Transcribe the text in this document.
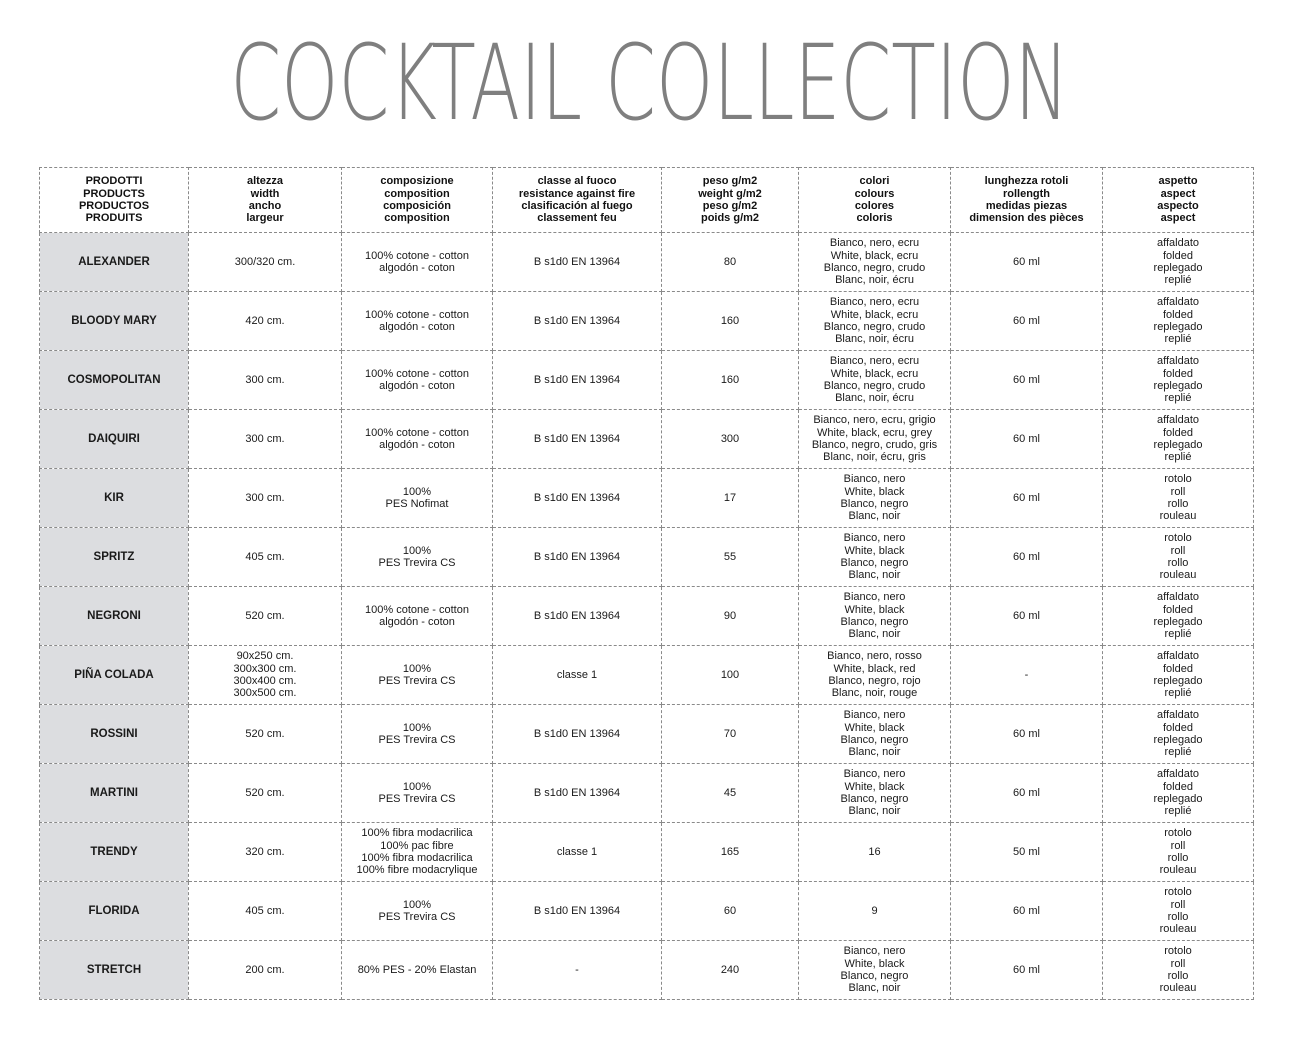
COCKTAIL COLLECTION
PRODOTTI
PRODUCTS
PRODUCTOS
PRODUITS	altezza
width
ancho
largeur	composizione
composition
composición
composition	classe al fuoco
resistance against fire
clasificación al fuego
classement feu	peso g/m2
weight g/m2
peso g/m2
poids g/m2	colori
colours
colores
coloris	lunghezza rotoli
rollength
medidas piezas
dimension des pièces	aspetto
aspect
aspecto
aspect
ALEXANDER	300/320 cm.	100% cotone - cotton
algodón - coton	B s1d0 EN 13964	80	Bianco, nero, ecru
White, black, ecru
Blanco, negro, crudo
Blanc, noir, écru	60 ml	affaldato
folded
replegado
replié
BLOODY MARY	420 cm.	100% cotone - cotton
algodón - coton	B s1d0 EN 13964	160	Bianco, nero, ecru
White, black, ecru
Blanco, negro, crudo
Blanc, noir, écru	60 ml	affaldato
folded
replegado
replié
COSMOPOLITAN	300 cm.	100% cotone - cotton
algodón - coton	B s1d0 EN 13964	160	Bianco, nero, ecru
White, black, ecru
Blanco, negro, crudo
Blanc, noir, écru	60 ml	affaldato
folded
replegado
replié
DAIQUIRI	300 cm.	100% cotone - cotton
algodón - coton	B s1d0 EN 13964	300	Bianco, nero, ecru, grigio
White, black, ecru, grey
Blanco, negro, crudo, gris
Blanc, noir, écru, gris	60 ml	affaldato
folded
replegado
replié
KIR	300 cm.	100%
PES Nofimat	B s1d0 EN 13964	17	Bianco, nero
White, black
Blanco, negro
Blanc, noir	60 ml	rotolo
roll
rollo
rouleau
SPRITZ	405 cm.	100%
PES Trevira CS	B s1d0 EN 13964	55	Bianco, nero
White, black
Blanco, negro
Blanc, noir	60 ml	rotolo
roll
rollo
rouleau
NEGRONI	520 cm.	100% cotone - cotton
algodón - coton	B s1d0 EN 13964	90	Bianco, nero
White, black
Blanco, negro
Blanc, noir	60 ml	affaldato
folded
replegado
replié
PIÑA COLADA	90x250 cm.
300x300 cm.
300x400 cm.
300x500 cm.	100%
PES Trevira CS	classe 1	100	Bianco, nero, rosso
White, black, red
Blanco, negro, rojo
Blanc, noir, rouge	-	affaldato
folded
replegado
replié
ROSSINI	520 cm.	100%
PES Trevira CS	B s1d0 EN 13964	70	Bianco, nero
White, black
Blanco, negro
Blanc, noir	60 ml	affaldato
folded
replegado
replié
MARTINI	520 cm.	100%
PES Trevira CS	B s1d0 EN 13964	45	Bianco, nero
White, black
Blanco, negro
Blanc, noir	60 ml	affaldato
folded
replegado
replié
TRENDY	320 cm.	100% fibra modacrilica
100% pac fibre
100% fibra modacrilica
100% fibre modacrylique	classe 1	165	16	50 ml	rotolo
roll
rollo
rouleau
FLORIDA	405 cm.	100%
PES Trevira CS	B s1d0 EN 13964	60	9	60 ml	rotolo
roll
rollo
rouleau
STRETCH	200 cm.	80% PES - 20% Elastan	-	240	Bianco, nero
White, black
Blanco, negro
Blanc, noir	60 ml	rotolo
roll
rollo
rouleau
